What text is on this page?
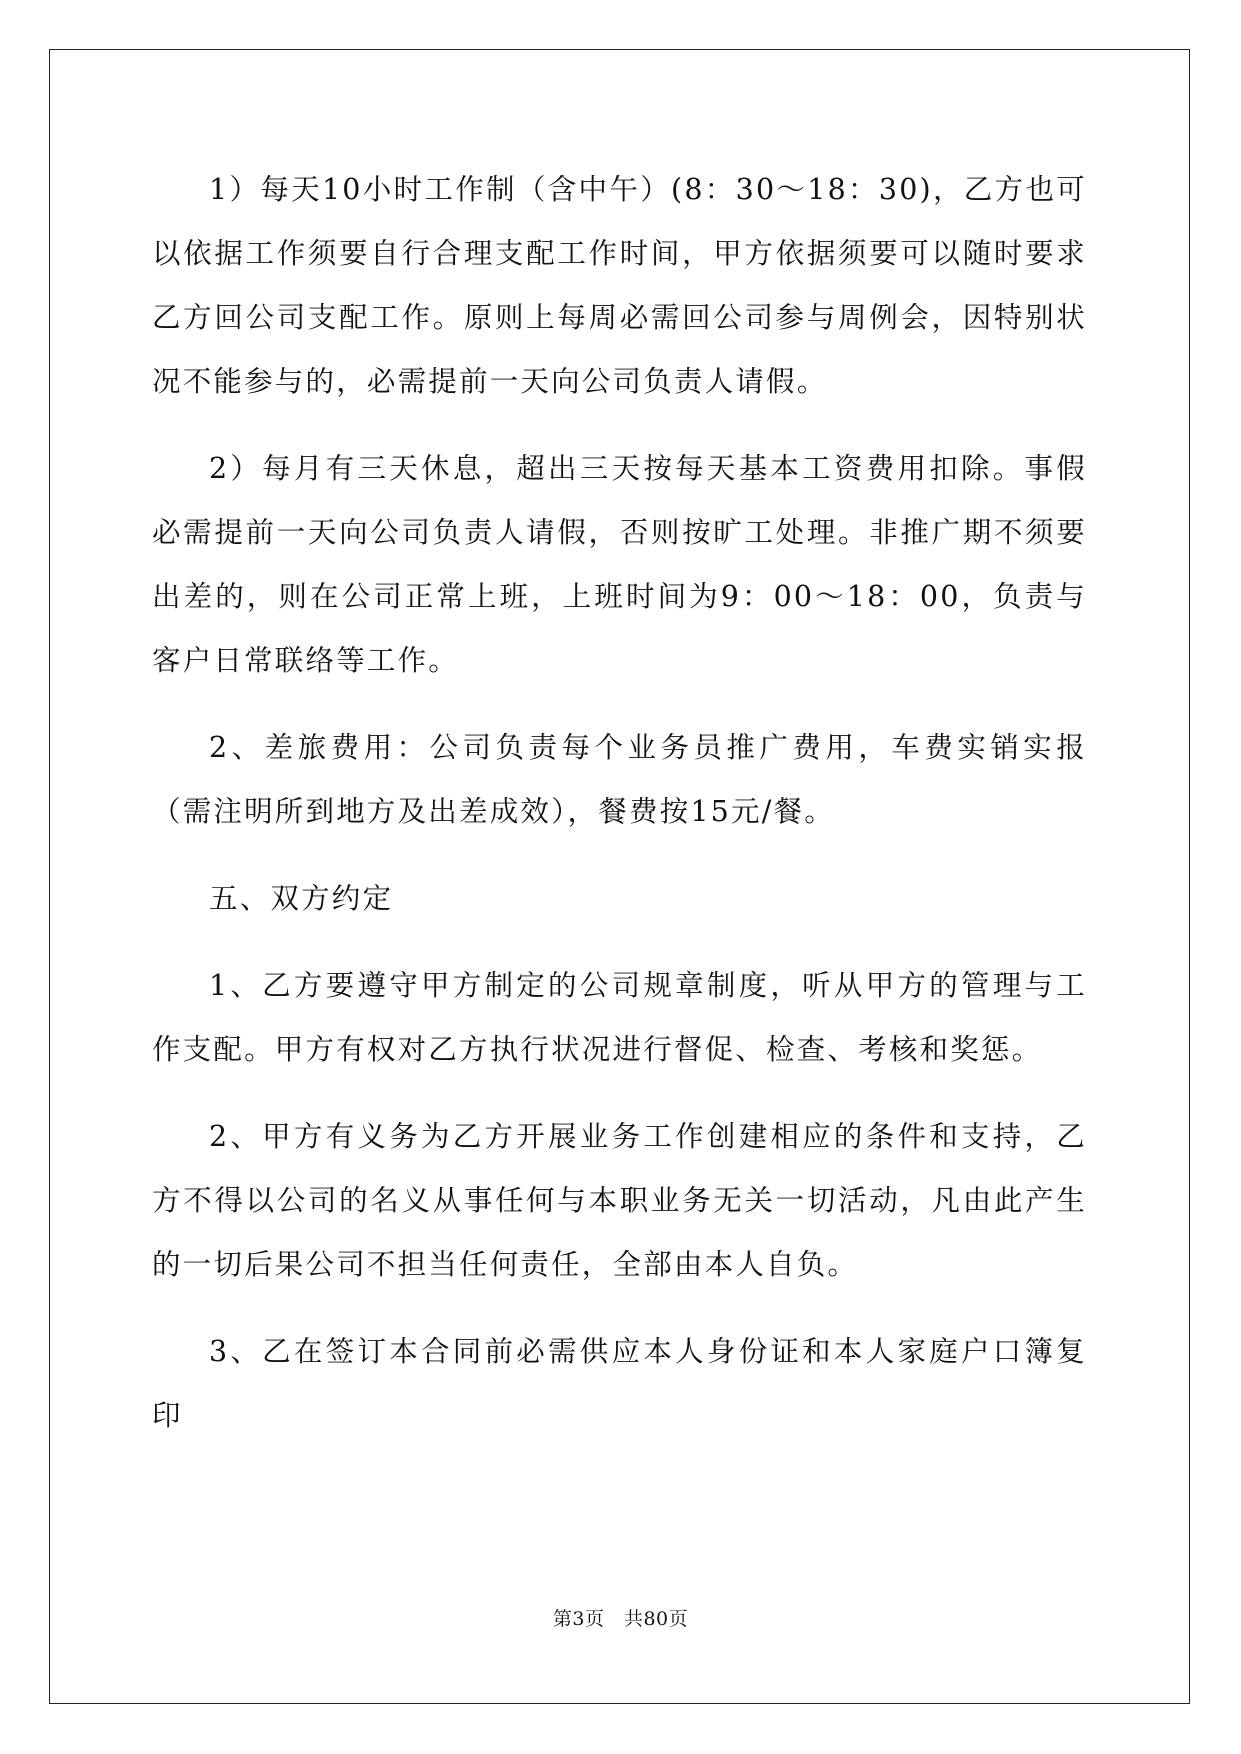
1）每天10小时工作制（含中午）(8：30～18：30)，乙方也可以依据工作须要自行合理支配工作时间，甲方依据须要可以随时要求乙方回公司支配工作。原则上每周必需回公司参与周例会，因特别状况不能参与的，必需提前一天向公司负责人请假。

2）每月有三天休息，超出三天按每天基本工资费用扣除。事假必需提前一天向公司负责人请假，否则按旷工处理。非推广期不须要出差的，则在公司正常上班，上班时间为9：00～18：00，负责与客户日常联络等工作。

2、差旅费用：公司负责每个业务员推广费用，车费实销实报（需注明所到地方及出差成效），餐费按15元/餐。

五、双方约定

1、乙方要遵守甲方制定的公司规章制度，听从甲方的管理与工作支配。甲方有权对乙方执行状况进行督促、检查、考核和奖惩。

2、甲方有义务为乙方开展业务工作创建相应的条件和支持，乙方不得以公司的名义从事任何与本职业务无关一切活动，凡由此产生的一切后果公司不担当任何责任，全部由本人自负。

3、乙在签订本合同前必需供应本人身份证和本人家庭户口簿复印

第3页　共80页
